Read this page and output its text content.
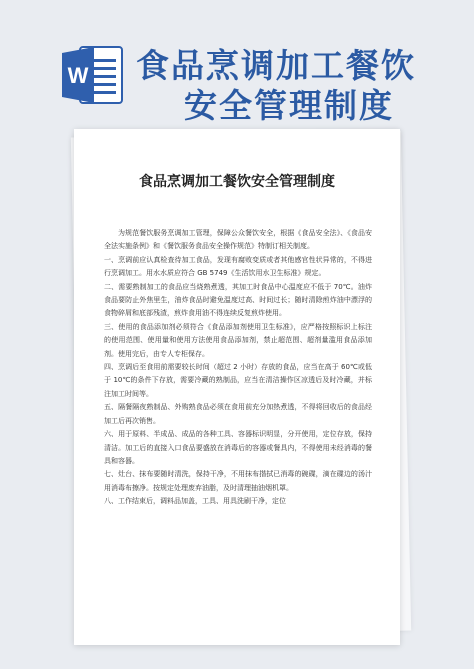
W 食品烹调加工餐饮
安全管理制度
食品烹调加工餐饮安全管理制度

为规范餐饮服务烹调加工管理，保障公众餐饮安全，根据《食品安全法》、《食品安全法实施条例》和《餐饮服务食品安全操作规范》特制订相关制度。

一、烹调前应认真检查待加工食品，发现有腐败变质或者其他感官性状异常的，不得进行烹调加工。用水水质应符合 GB 5749《生活饮用水卫生标准》规定。

二、需要熟制加工的食品应当烧熟煮透，其加工时食品中心温度应不低于 70℃。油炸食品要防止外焦里生，油炸食品时避免温度过高、时间过长；随时清除煎炸油中漂浮的食物碎屑和底部残渣，煎炸食用油不得连续反复煎炸使用。

三、使用的食品添加剂必须符合《食品添加剂使用卫生标准》，应严格按照标识上标注的使用范围、使用量和使用方法使用食品添加剂，禁止超范围、超剂量滥用食品添加剂。使用完后，由专人专柜保存。

四、烹调后至食用前需要较长时间（超过 2 小时）存放的食品，应当在高于 60℃或低于 10℃的条件下存放，需要冷藏的熟制品，应当在清洁操作区凉透后及时冷藏，并标注加工时间等。

五、隔餐隔夜熟制品、外购熟食品必须在食用前充分加热煮透，不得将回收后的食品经加工后再次销售。

六、用于原料、半成品、成品的各种工具、容器标识明显，分开使用，定位存放，保持清洁。加工后的直接入口食品要盛放在消毒后的容器或餐具内，不得使用未经消毒的餐具和容器。

七、灶台、抹布要随时清洗，保持干净，不用抹布揩拭已消毒的碗碟，滴在碟边的汤汁用消毒布擦净。按规定处理废弃油脂，及时清理抽油烟机罩。

八、工作结束后，调料品加盖，工具、用具洗刷干净，定位
